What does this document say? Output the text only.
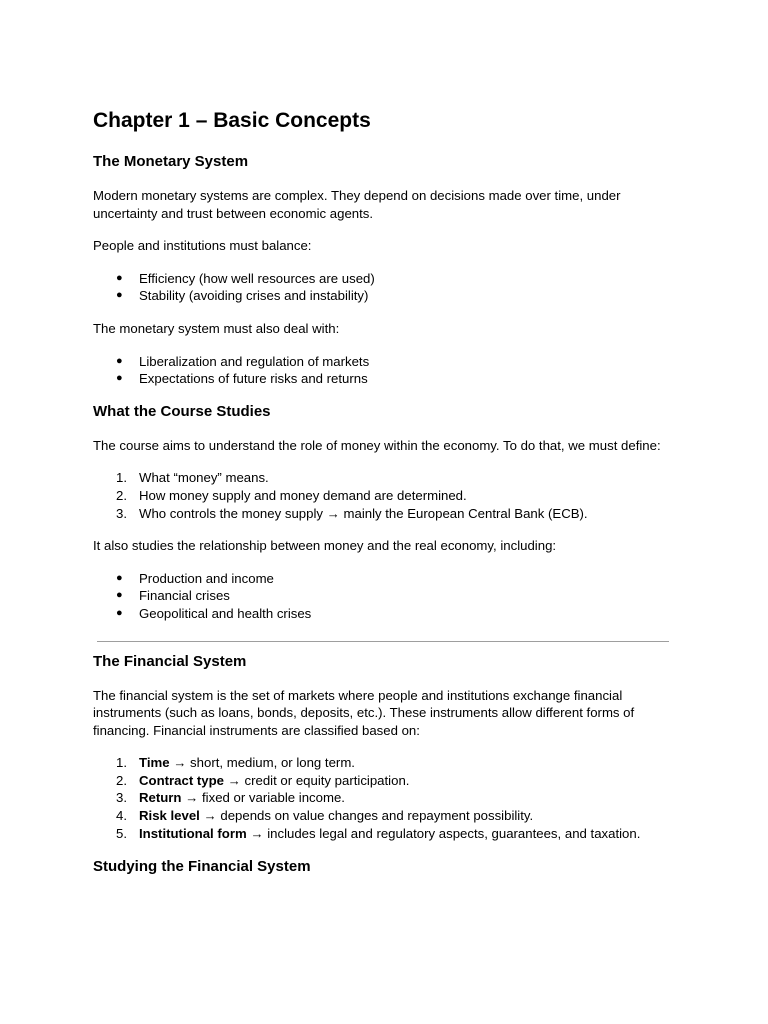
Chapter 1 – Basic Concepts
The Monetary System

Modern monetary systems are complex. They depend on decisions made over time, under uncertainty and trust between economic agents.

People and institutions must balance:

● Efficiency (how well resources are used)
● Stability (avoiding crises and instability)

The monetary system must also deal with:

● Liberalization and regulation of markets
● Expectations of future risks and returns
What the Course Studies

The course aims to understand the role of money within the economy. To do that, we must define:

1. What “money” means.
2. How money supply and money demand are determined.
3. Who controls the money supply → mainly the European Central Bank (ECB).

It also studies the relationship between money and the real economy, including:

● Production and income
● Financial crises
● Geopolitical and health crises
The Financial System

The financial system is the set of markets where people and institutions exchange financial instruments (such as loans, bonds, deposits, etc.). These instruments allow different forms of financing. Financial instruments are classified based on:

1. Time → short, medium, or long term.
2. Contract type → credit or equity participation.
3. Return → fixed or variable income.
4. Risk level → depends on value changes and repayment possibility.
5. Institutional form → includes legal and regulatory aspects, guarantees, and taxation.
Studying the Financial System
